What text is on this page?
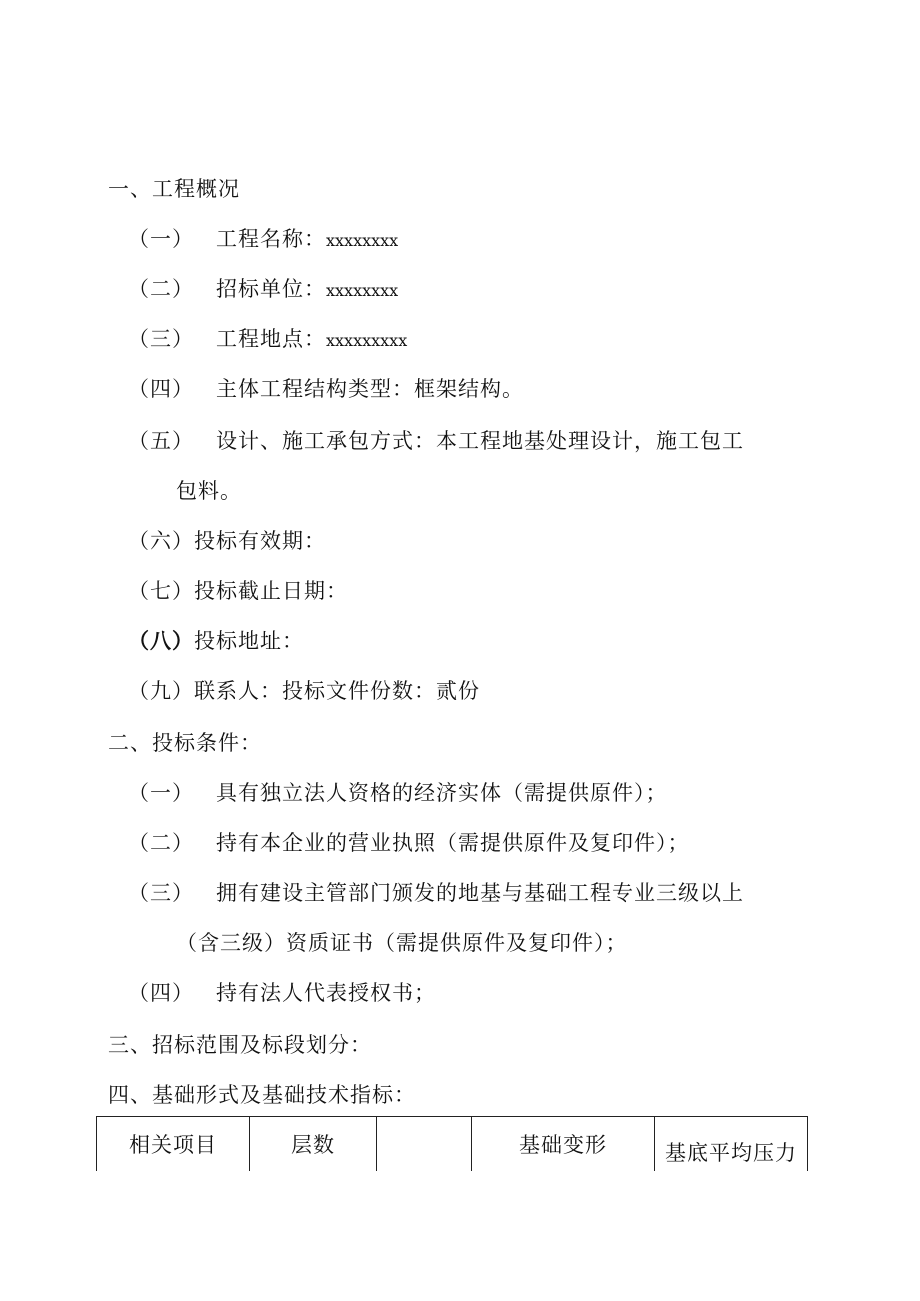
一、工程概况
（一） 工程名称：xxxxxxxx
（二） 招标单位：xxxxxxxx
（三） 工程地点：xxxxxxxxx
（四） 主体工程结构类型：框架结构。
（五） 设计、施工承包方式：本工程地基处理设计，施工包工
包料。
（六）投标有效期：
（七）投标截止日期：
（八）投标地址：
（九）联系人：投标文件份数：贰份
二、投标条件：
（一） 具有独立法人资格的经济实体（需提供原件）；
（二） 持有本企业的营业执照（需提供原件及复印件）；
（三） 拥有建设主管部门颁发的地基与基础工程专业三级以上
（含三级）资质证书（需提供原件及复印件）；
（四） 持有法人代表授权书；
三、招标范围及标段划分：
四、基础形式及基础技术指标：
相关项目	层数		基础变形	基底平均压力
